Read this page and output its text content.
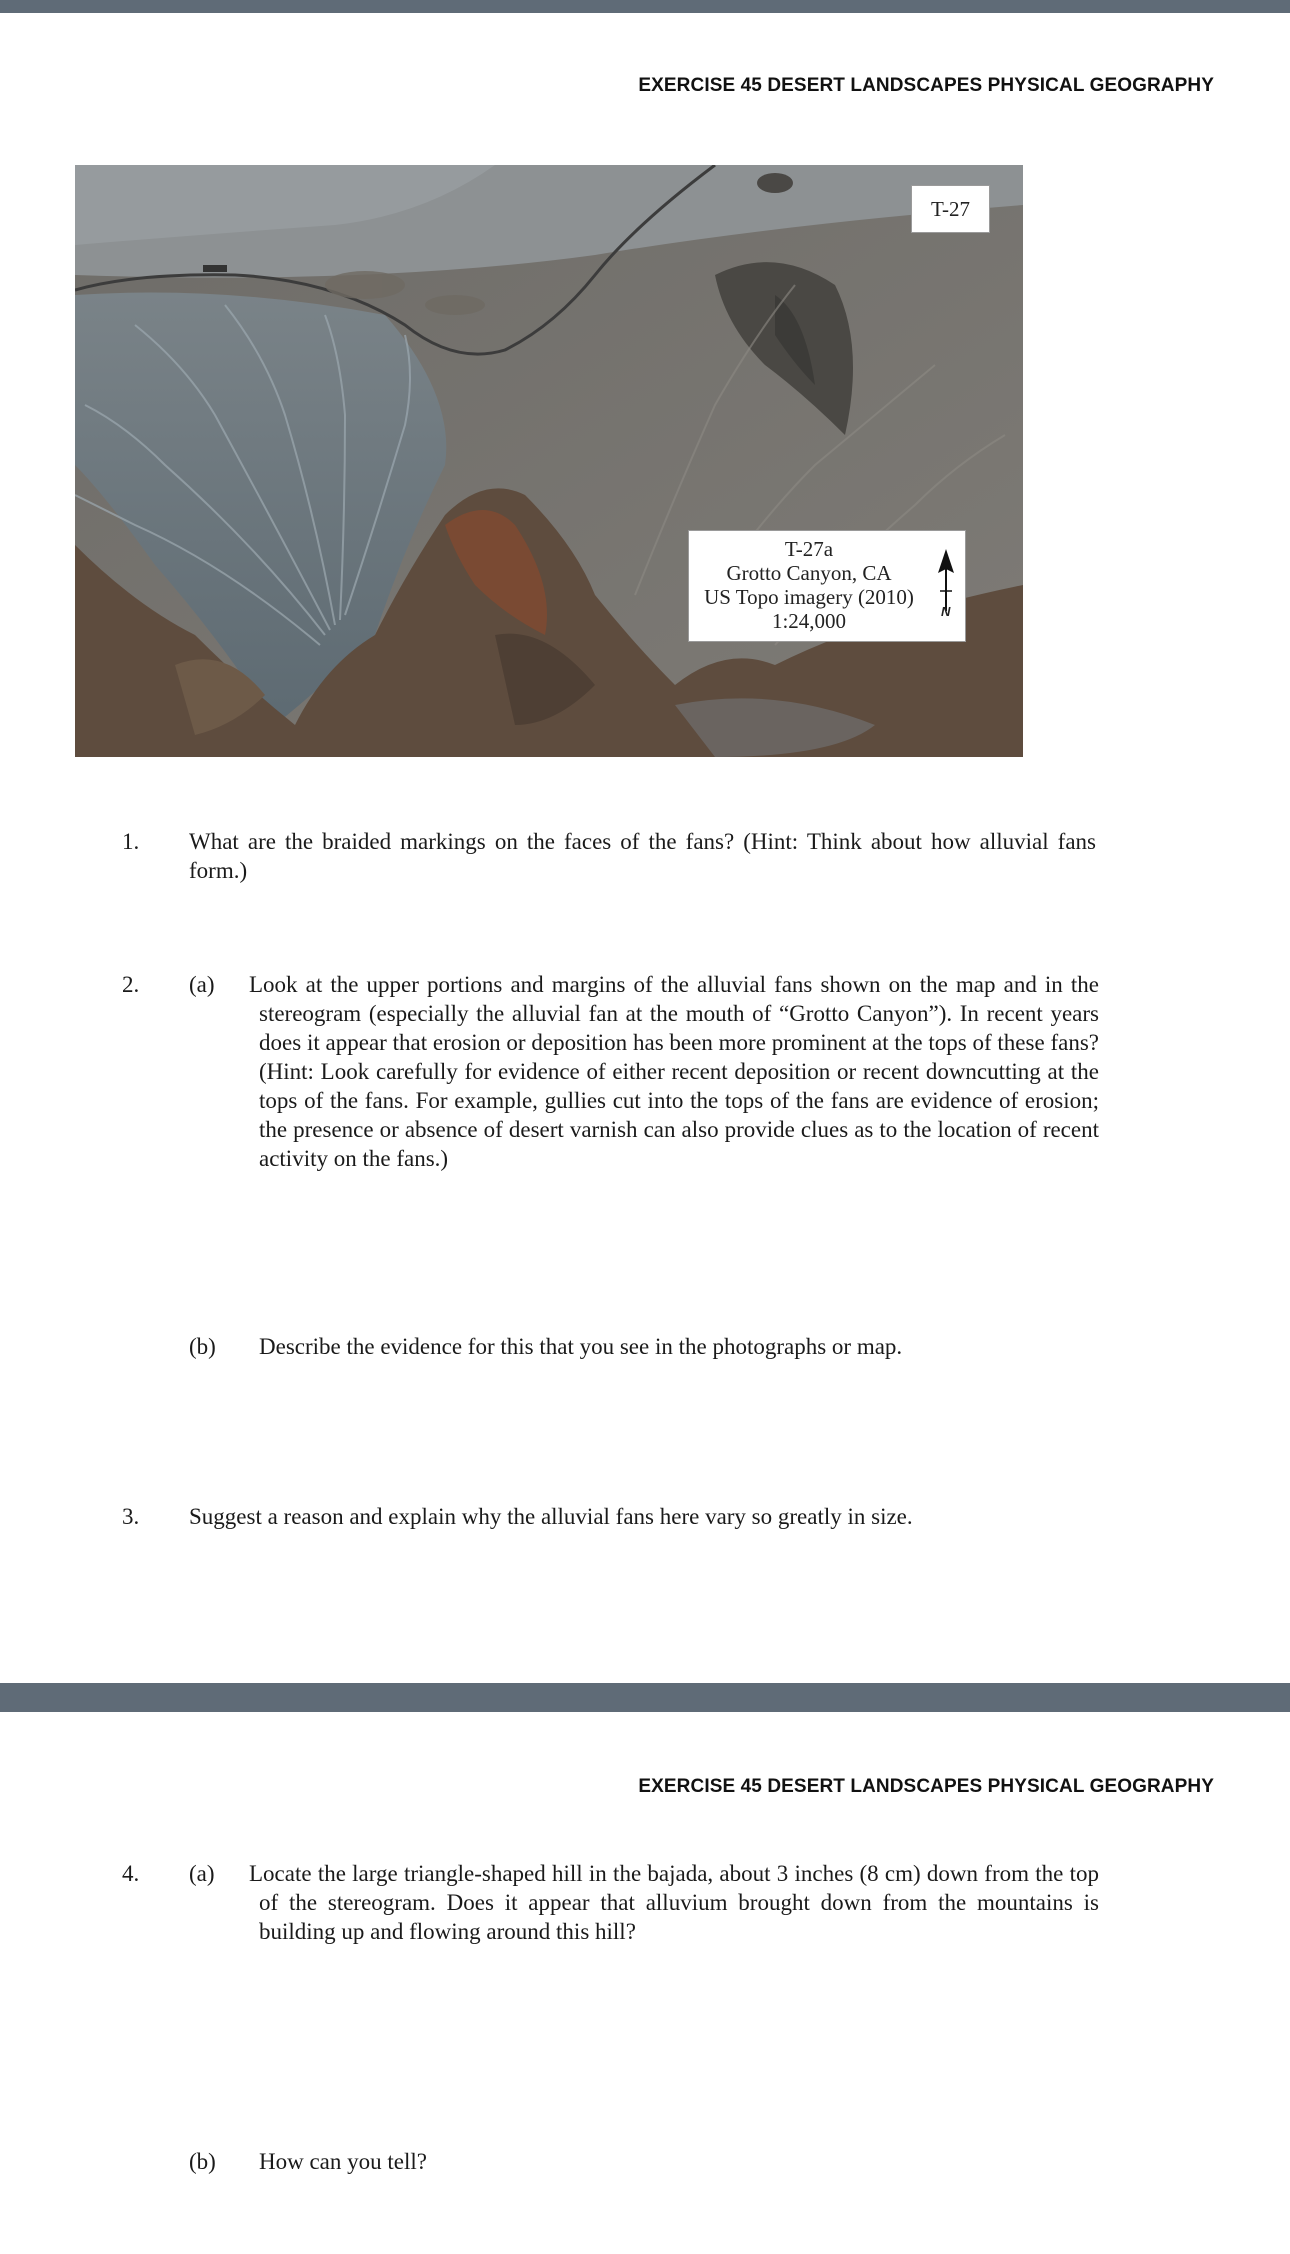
EXERCISE 45 DESERT LANDSCAPES PHYSICAL GEOGRAPHY
T-27
T-27a
Grotto Canyon, CA
US Topo imagery (2010)
1:24,000	N
1. What are the braided markings on the faces of the fans? (Hint: Think about how alluvial fans form.)
2. (a) Look at the upper portions and margins of the alluvial fans shown on the map and in the stereogram (especially the alluvial fan at the mouth of “Grotto Canyon”). In recent years does it appear that erosion or deposition has been more prominent at the tops of these fans? (Hint: Look carefully for evidence of either recent deposition or recent downcutting at the tops of the fans. For example, gullies cut into the tops of the fans are evidence of erosion; the presence or absence of desert varnish can also provide clues as to the location of recent activity on the fans.)
(b) Describe the evidence for this that you see in the photographs or map.
3. Suggest a reason and explain why the alluvial fans here vary so greatly in size.
EXERCISE 45 DESERT LANDSCAPES PHYSICAL GEOGRAPHY
4. (a) Locate the large triangle-shaped hill in the bajada, about 3 inches (8 cm) down from the top of the stereogram. Does it appear that alluvium brought down from the mountains is building up and flowing around this hill?
(b) How can you tell?
